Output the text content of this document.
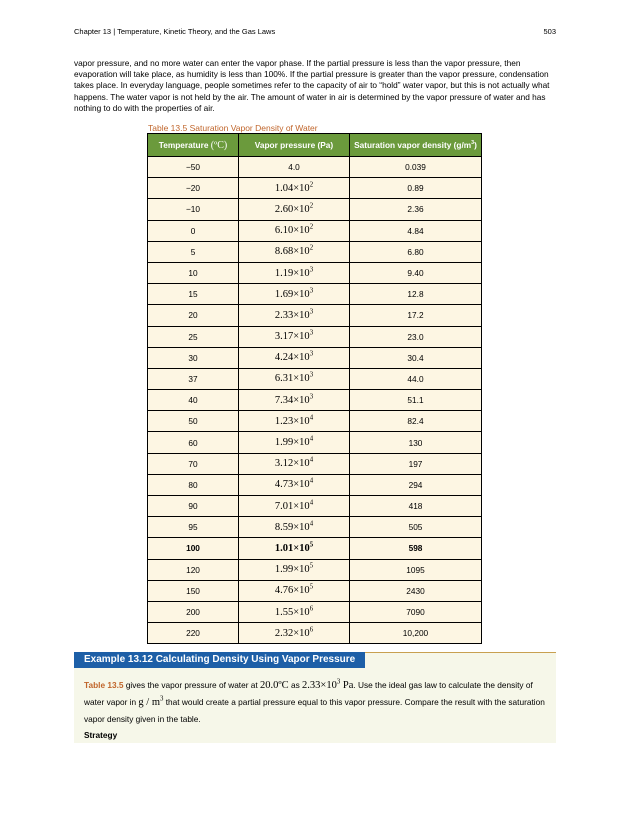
Chapter 13 | Temperature, Kinetic Theory, and the Gas Laws	503
vapor pressure, and no more water can enter the vapor phase. If the partial pressure is less than the vapor pressure, then evaporation will take place, as humidity is less than 100%. If the partial pressure is greater than the vapor pressure, condensation takes place. In everyday language, people sometimes refer to the capacity of air to “hold” water vapor, but this is not actually what happens. The water vapor is not held by the air. The amount of water in air is determined by the vapor pressure of water and has nothing to do with the properties of air.
Table 13.5 Saturation Vapor Density of Water
Temperature (ºC)	Vapor pressure (Pa)	Saturation vapor density $(g/m^3)$
−50	4.0	0.039
−20	$1.04\times 10^2$	0.89
−10	$2.60\times 10^2$	2.36
0	$6.10\times 10^2$	4.84
5	$8.68\times 10^2$	6.80
10	$1.19\times 10^3$	9.40
15	$1.69\times 10^3$	12.8
20	$2.33\times 10^3$	17.2
25	$3.17\times 10^3$	23.0
30	$4.24\times 10^3$	30.4
37	$6.31\times 10^3$	44.0
40	$7.34\times 10^3$	51.1
50	$1.23\times 10^4$	82.4
60	$1.99\times 10^4$	130
70	$3.12\times 10^4$	197
80	$4.73\times 10^4$	294
90	$7.01\times 10^4$	418
95	$8.59\times 10^4$	505
100	$1.01\times 10^5$	598
120	$1.99\times 10^5$	1095
150	$4.76\times 10^5$	2430
200	$1.55\times 10^6$	7090
220	$2.32\times 10^6$	10,200
Example 13.12 Calculating Density Using Vapor Pressure
Table 13.5 gives the vapor pressure of water at 20.0ºC as $2.33\times 10^3$ Pa. Use the ideal gas law to calculate the density of water vapor in g / $m^3$ that would create a partial pressure equal to this vapor pressure. Compare the result with the saturation vapor density given in the table.
Strategy
